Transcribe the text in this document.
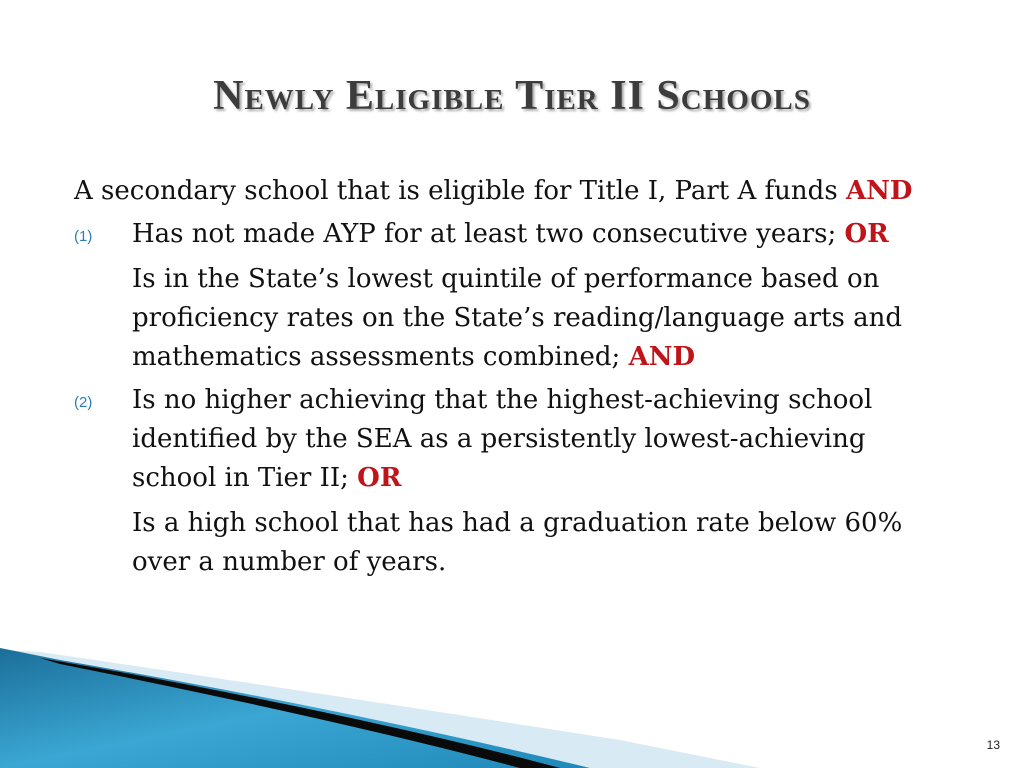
Newly Eligible Tier II Schools

A secondary school that is eligible for Title I, Part A funds AND

(1) Has not made AYP for at least two consecutive years; OR

Is in the State’s lowest quintile of performance based on proficiency rates on the State’s reading/language arts and mathematics assessments combined; AND

(2) Is no higher achieving that the highest-achieving school identified by the SEA as a persistently lowest-achieving school in Tier II; OR

Is a high school that has had a graduation rate below 60% over a number of years.

13
